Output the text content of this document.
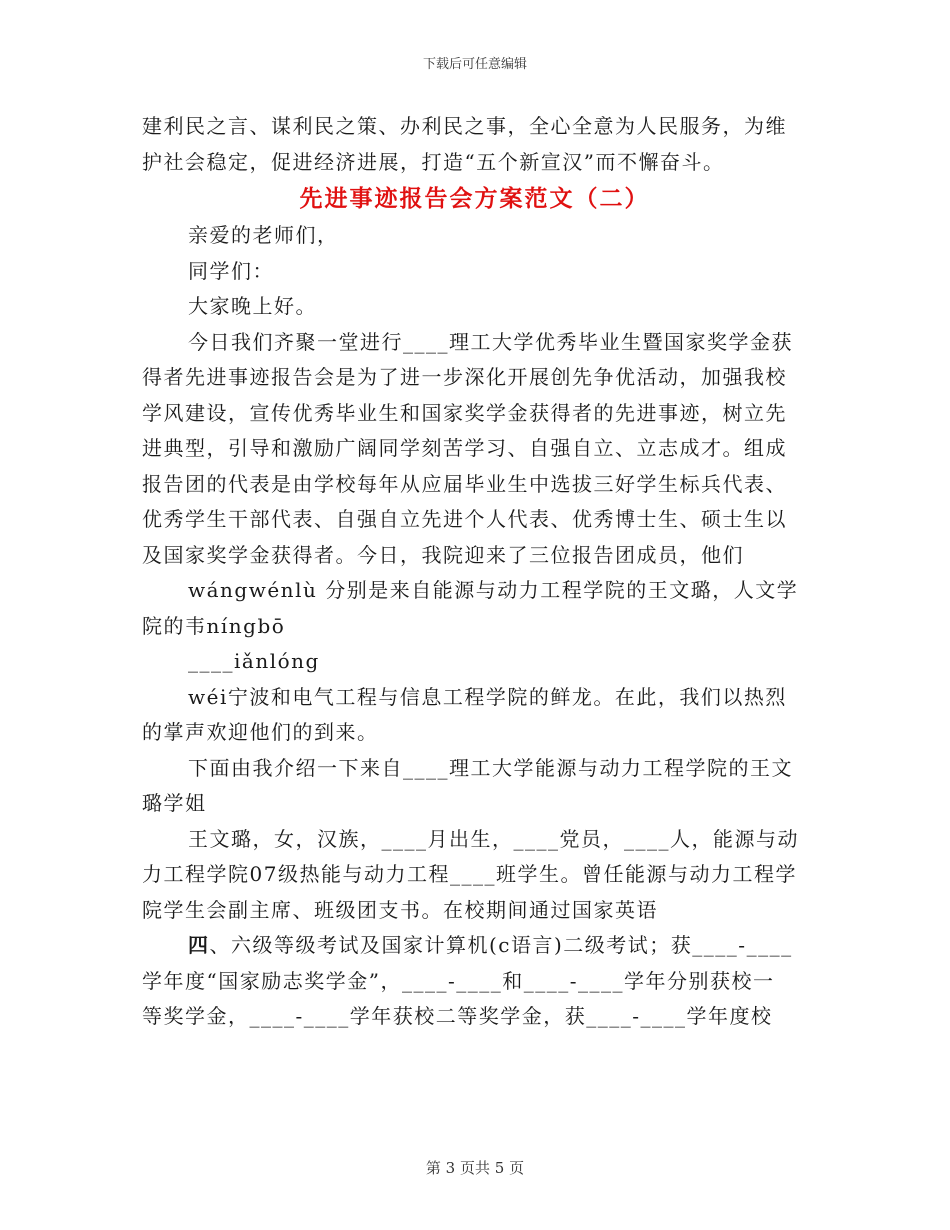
下载后可任意编辑

建利民之言、谋利民之策、办利民之事，全心全意为人民服务，为维

护社会稳定，促进经济进展，打造“五个新宣汉”而不懈奋斗。

先进事迹报告会方案范文（二）

亲爱的老师们，

同学们：

大家晚上好。

今日我们齐聚一堂进行____理工大学优秀毕业生暨国家奖学金获

得者先进事迹报告会是为了进一步深化开展创先争优活动，加强我校

学风建设，宣传优秀毕业生和国家奖学金获得者的先进事迹，树立先

进典型，引导和激励广阔同学刻苦学习、自强自立、立志成才。组成

报告团的代表是由学校每年从应届毕业生中选拔三好学生标兵代表、

优秀学生干部代表、自强自立先进个人代表、优秀博士生、硕士生以

及国家奖学金获得者。今日，我院迎来了三位报告团成员，他们

wángwénlù 分别是来自能源与动力工程学院的王文璐，人文学

院的韦níngbō

____iǎnlóng

wéi宁波和电气工程与信息工程学院的鲜龙。在此，我们以热烈

的掌声欢迎他们的到来。

下面由我介绍一下来自____理工大学能源与动力工程学院的王文

璐学姐

王文璐，女，汉族，____月出生，____党员，____人，能源与动

力工程学院07级热能与动力工程____班学生。曾任能源与动力工程学

院学生会副主席、班级团支书。在校期间通过国家英语

四、六级等级考试及国家计算机(c语言)二级考试；获____-____

学年度“国家励志奖学金”，____-____和____-____学年分别获校一

等奖学金，____-____学年获校二等奖学金，获____-____学年度校

第 3 页共 5 页
